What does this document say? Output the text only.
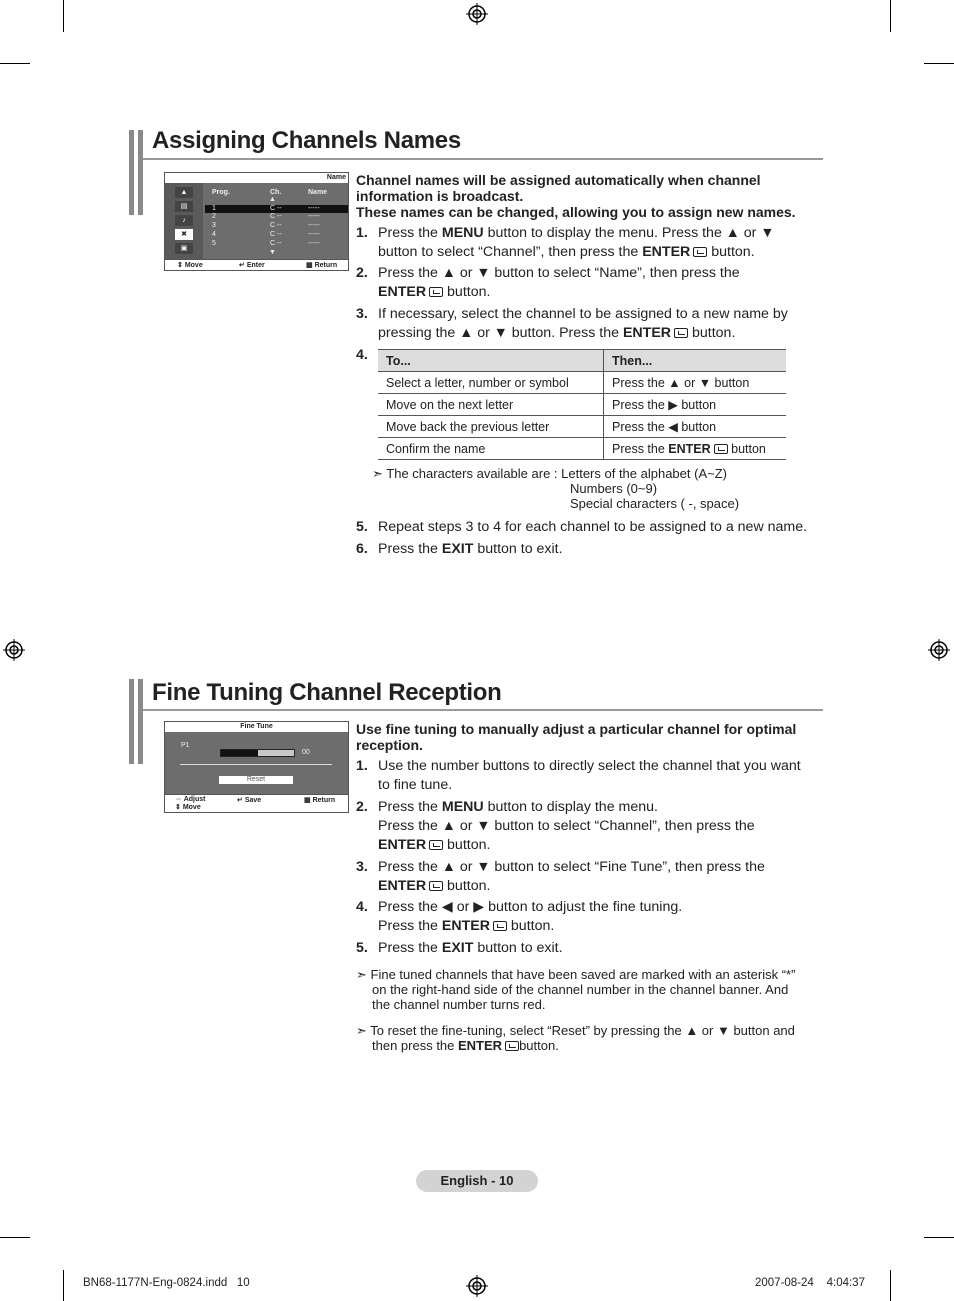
Assigning Channels Names
Name
▲
▤
♪
✖
▣
Prog.	Ch.	Name
▲
1	C --	-----
2	C --	-----
3	C --	-----
4	C --	-----
5	C --	-----
▼
⇕ Move	↵ Enter	▦ Return
Channel names will be assigned automatically when channel
information is broadcast.
These names can be changed, allowing you to assign new names.
1. Press the MENU button to display the menu. Press the ▲ or ▼
button to select “Channel”, then press the ENTER button.
2. Press the ▲ or ▼ button to select “Name”, then press the
ENTER button.
3. If necessary, select the channel to be assigned to a new name by
pressing the ▲ or ▼ button. Press the ENTER button.
4. To...	Then...
Select a letter, number or symbol	Press the ▲ or ▼ button
Move on the next letter	Press the ▶ button
Move back the previous letter	Press the ◀ button
Confirm the name	Press the ENTER button
➣ The characters available are : Letters of the alphabet (A~Z)
Numbers (0~9)
Special characters ( -, space)
5. Repeat steps 3 to 4 for each channel to be assigned to a new name.
6. Press the EXIT button to exit.
Fine Tuning Channel Reception
Fine Tune
P1
00
Reset
⇔ Adjust
⇕ Move
↵ Save	▦ Return
Use fine tuning to manually adjust a particular channel for optimal
reception.
1. Use the number buttons to directly select the channel that you want
to fine tune.
2. Press the MENU button to display the menu.
Press the ▲ or ▼ button to select “Channel”, then press the
ENTER button.
3. Press the ▲ or ▼ button to select “Fine Tune”, then press the
ENTER button.
4. Press the ◀ or ▶ button to adjust the fine tuning.
Press the ENTER button.
5. Press the EXIT button to exit.
➣ Fine tuned channels that have been saved are marked with an asterisk “*”
on the right-hand side of the channel number in the channel banner. And
the channel number turns red.
➣ To reset the fine-tuning, select “Reset” by pressing the ▲ or ▼ button and
then press the ENTER button.
English - 10
BN68-1177N-Eng-0824.indd   10	2007-08-24    4:04:37
